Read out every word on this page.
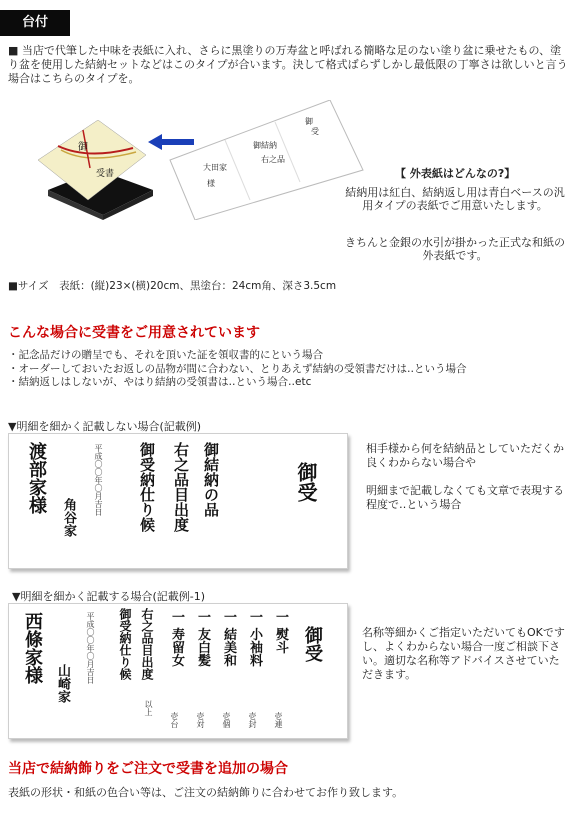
台付
■ 当店で代筆した中味を表紙に入れ、さらに黒塗りの万寿盆と呼ばれる簡略な足のない塗り盆に乗せたもの、塗り盆を使用した結納セットなどはこのタイプが合います。決して格式ばらずしかし最低限の丁寧さは欲しいと言う場合はこちらのタイプを。
御
受書
御
受
御結納
右之品
大田家
様
【 外表紙はどんなの?】
結納用は紅白、結納返し用は青白ベースの汎用タイプの表紙でご用意いたします。
きちんと金銀の水引が掛かった正式な和紙の外表紙です。
■サイズ　表紙：(縦)23×(横)20cm、黒塗台：24cm角、深さ3.5cm
こんな場合に受書をご用意されています
・記念品だけの贈呈でも、それを頂いた証を領収書的にという場合
・オーダーしておいたお返しの品物が間に合わない、とりあえず結納の受領書だけは‥という場合
・結納返しはしないが、やはり結納の受領書は‥という場合‥etc
▼明細を細かく記載しない場合(記載例)
御受
御結納の品
右之品目出度
御受納仕り候
平成〇〇年〇月吉日
角谷家
渡部家様	相手様から何を結納品としていただくか良くわからない場合や
明細まで記載しなくても文章で表現する程度で‥という場合
▼明細を細かく記載する場合(記載例-1)
御受
一 熨斗
一 小袖料
一 結美和
一 友白髪
一 寿留女
右之品目出度
御受納仕り候
平成〇〇年〇月吉日
山崎家
西條家様
壱連
壱封
壱個
壱対
壱台
以上
名称等細かくご指定いただいてもOKですし、よくわからない場合一度ご相談下さい。適切な名称等アドバイスさせていただきます。
当店で結納飾りをご注文で受書を追加の場合
表紙の形状・和紙の色合い等は、ご注文の結納飾りに合わせてお作り致します。
